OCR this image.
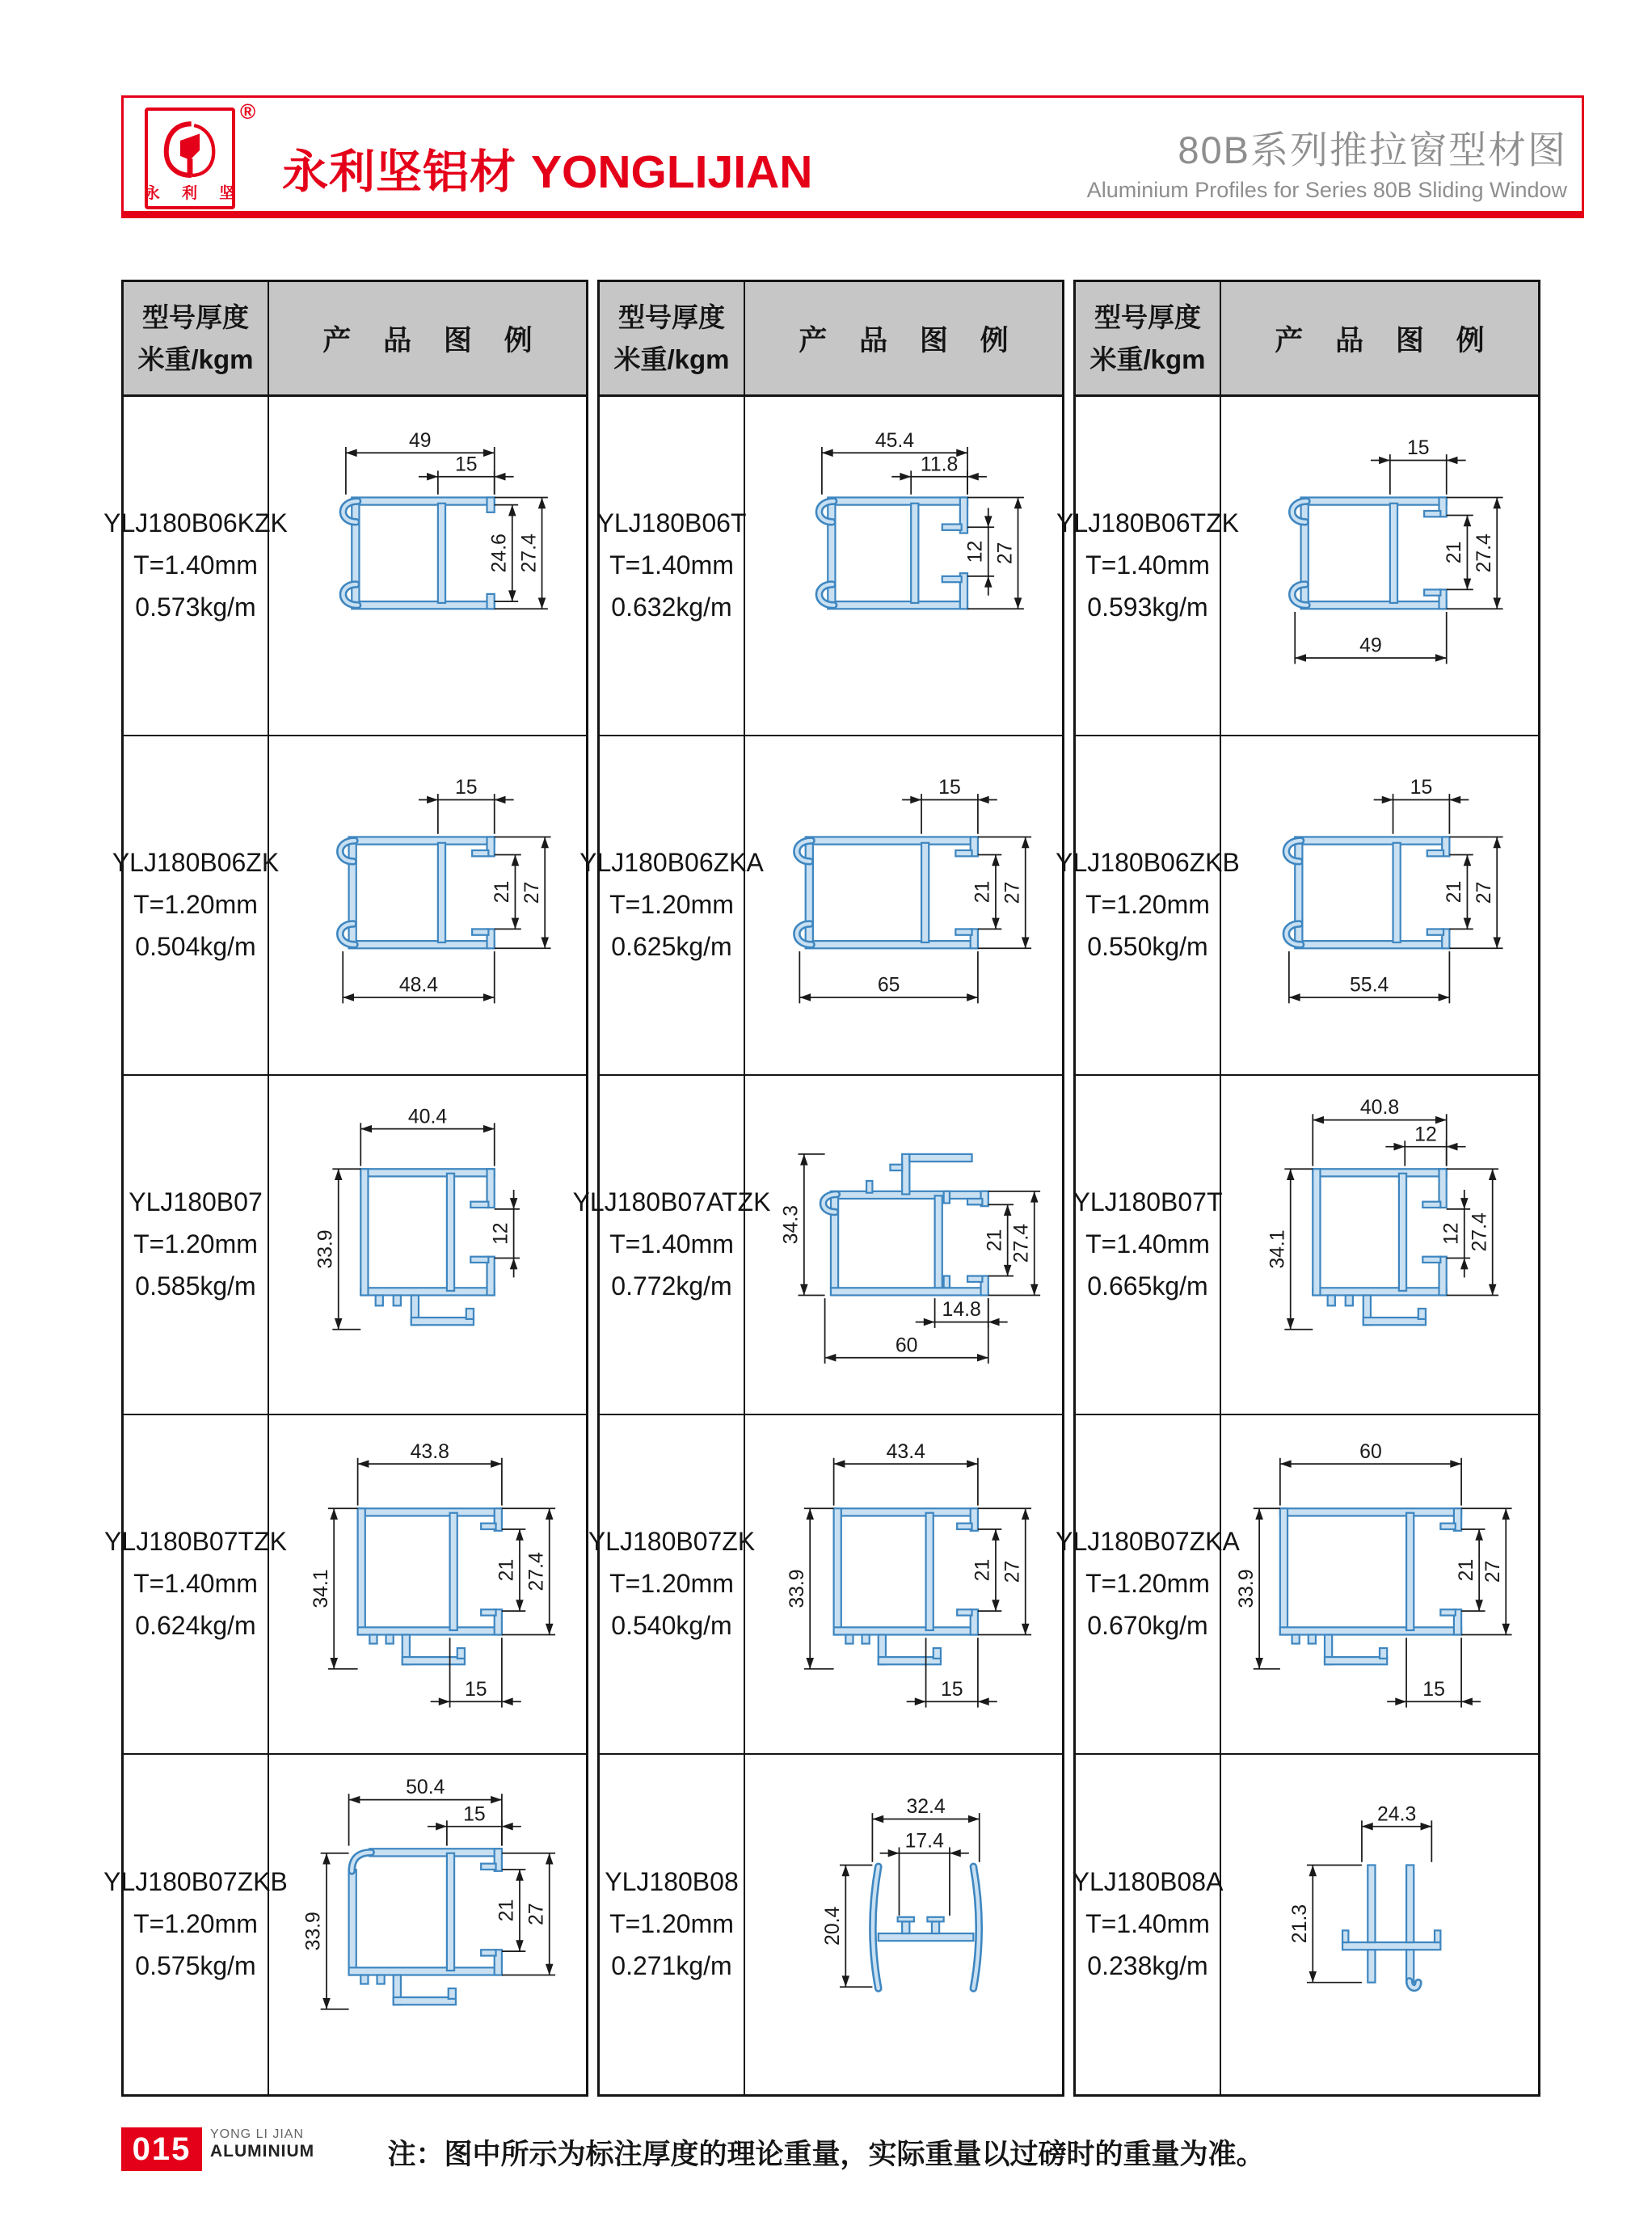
永 利 坚
®
永利坚铝材 YONGLIJIAN	80B系列推拉窗型材图
Aluminium Profiles for Series 80B Sliding Window
型号厚度
米重/kgm
产 品 图 例
YLJ180B06KZK
T=1.40mm
0.573kg/m
49
15
24.6 27.4
YLJ180B06ZK
T=1.20mm
0.504kg/m
15
21 27
48.4
YLJ180B07
T=1.20mm
0.585kg/m
40.4
33.9	12
YLJ180B07TZK
T=1.40mm
0.624kg/m
43.8
34.1	21 27.4
15
YLJ180B07ZKB
T=1.20mm
0.575kg/m
50.4
15
33.9
21 27
型号厚度
米重/kgm
产 品 图 例
YLJ180B06T
T=1.40mm
0.632kg/m
45.4
11.8
12 27
YLJ180B06ZKA
T=1.20mm
0.625kg/m
15
21 27
65
YLJ180B07ATZK
T=1.40mm
0.772kg/m
34.3	21 27.4
14.8
60
YLJ180B07ZK
T=1.20mm
0.540kg/m
43.4
33.9	21 27
15
YLJ180B08
T=1.20mm
0.271kg/m
32.4
17.4
20.4
型号厚度
米重/kgm
产 品 图 例
YLJ180B06TZK
T=1.40mm
0.593kg/m
15
21 27.4
49
YLJ180B06ZKB
T=1.20mm
0.550kg/m
15
21 27
55.4
YLJ180B07T
T=1.40mm
0.665kg/m
40.8
12
34.1	12 27.4
YLJ180B07ZKA
T=1.20mm
0.670kg/m
60
33.9	21 27
15
YLJ180B08A
T=1.40mm
0.238kg/m
24.3
21.3
015	YONG LI JIAN
ALUMINIUM	注：图中所示为标注厚度的理论重量，实际重量以过磅时的重量为准。
